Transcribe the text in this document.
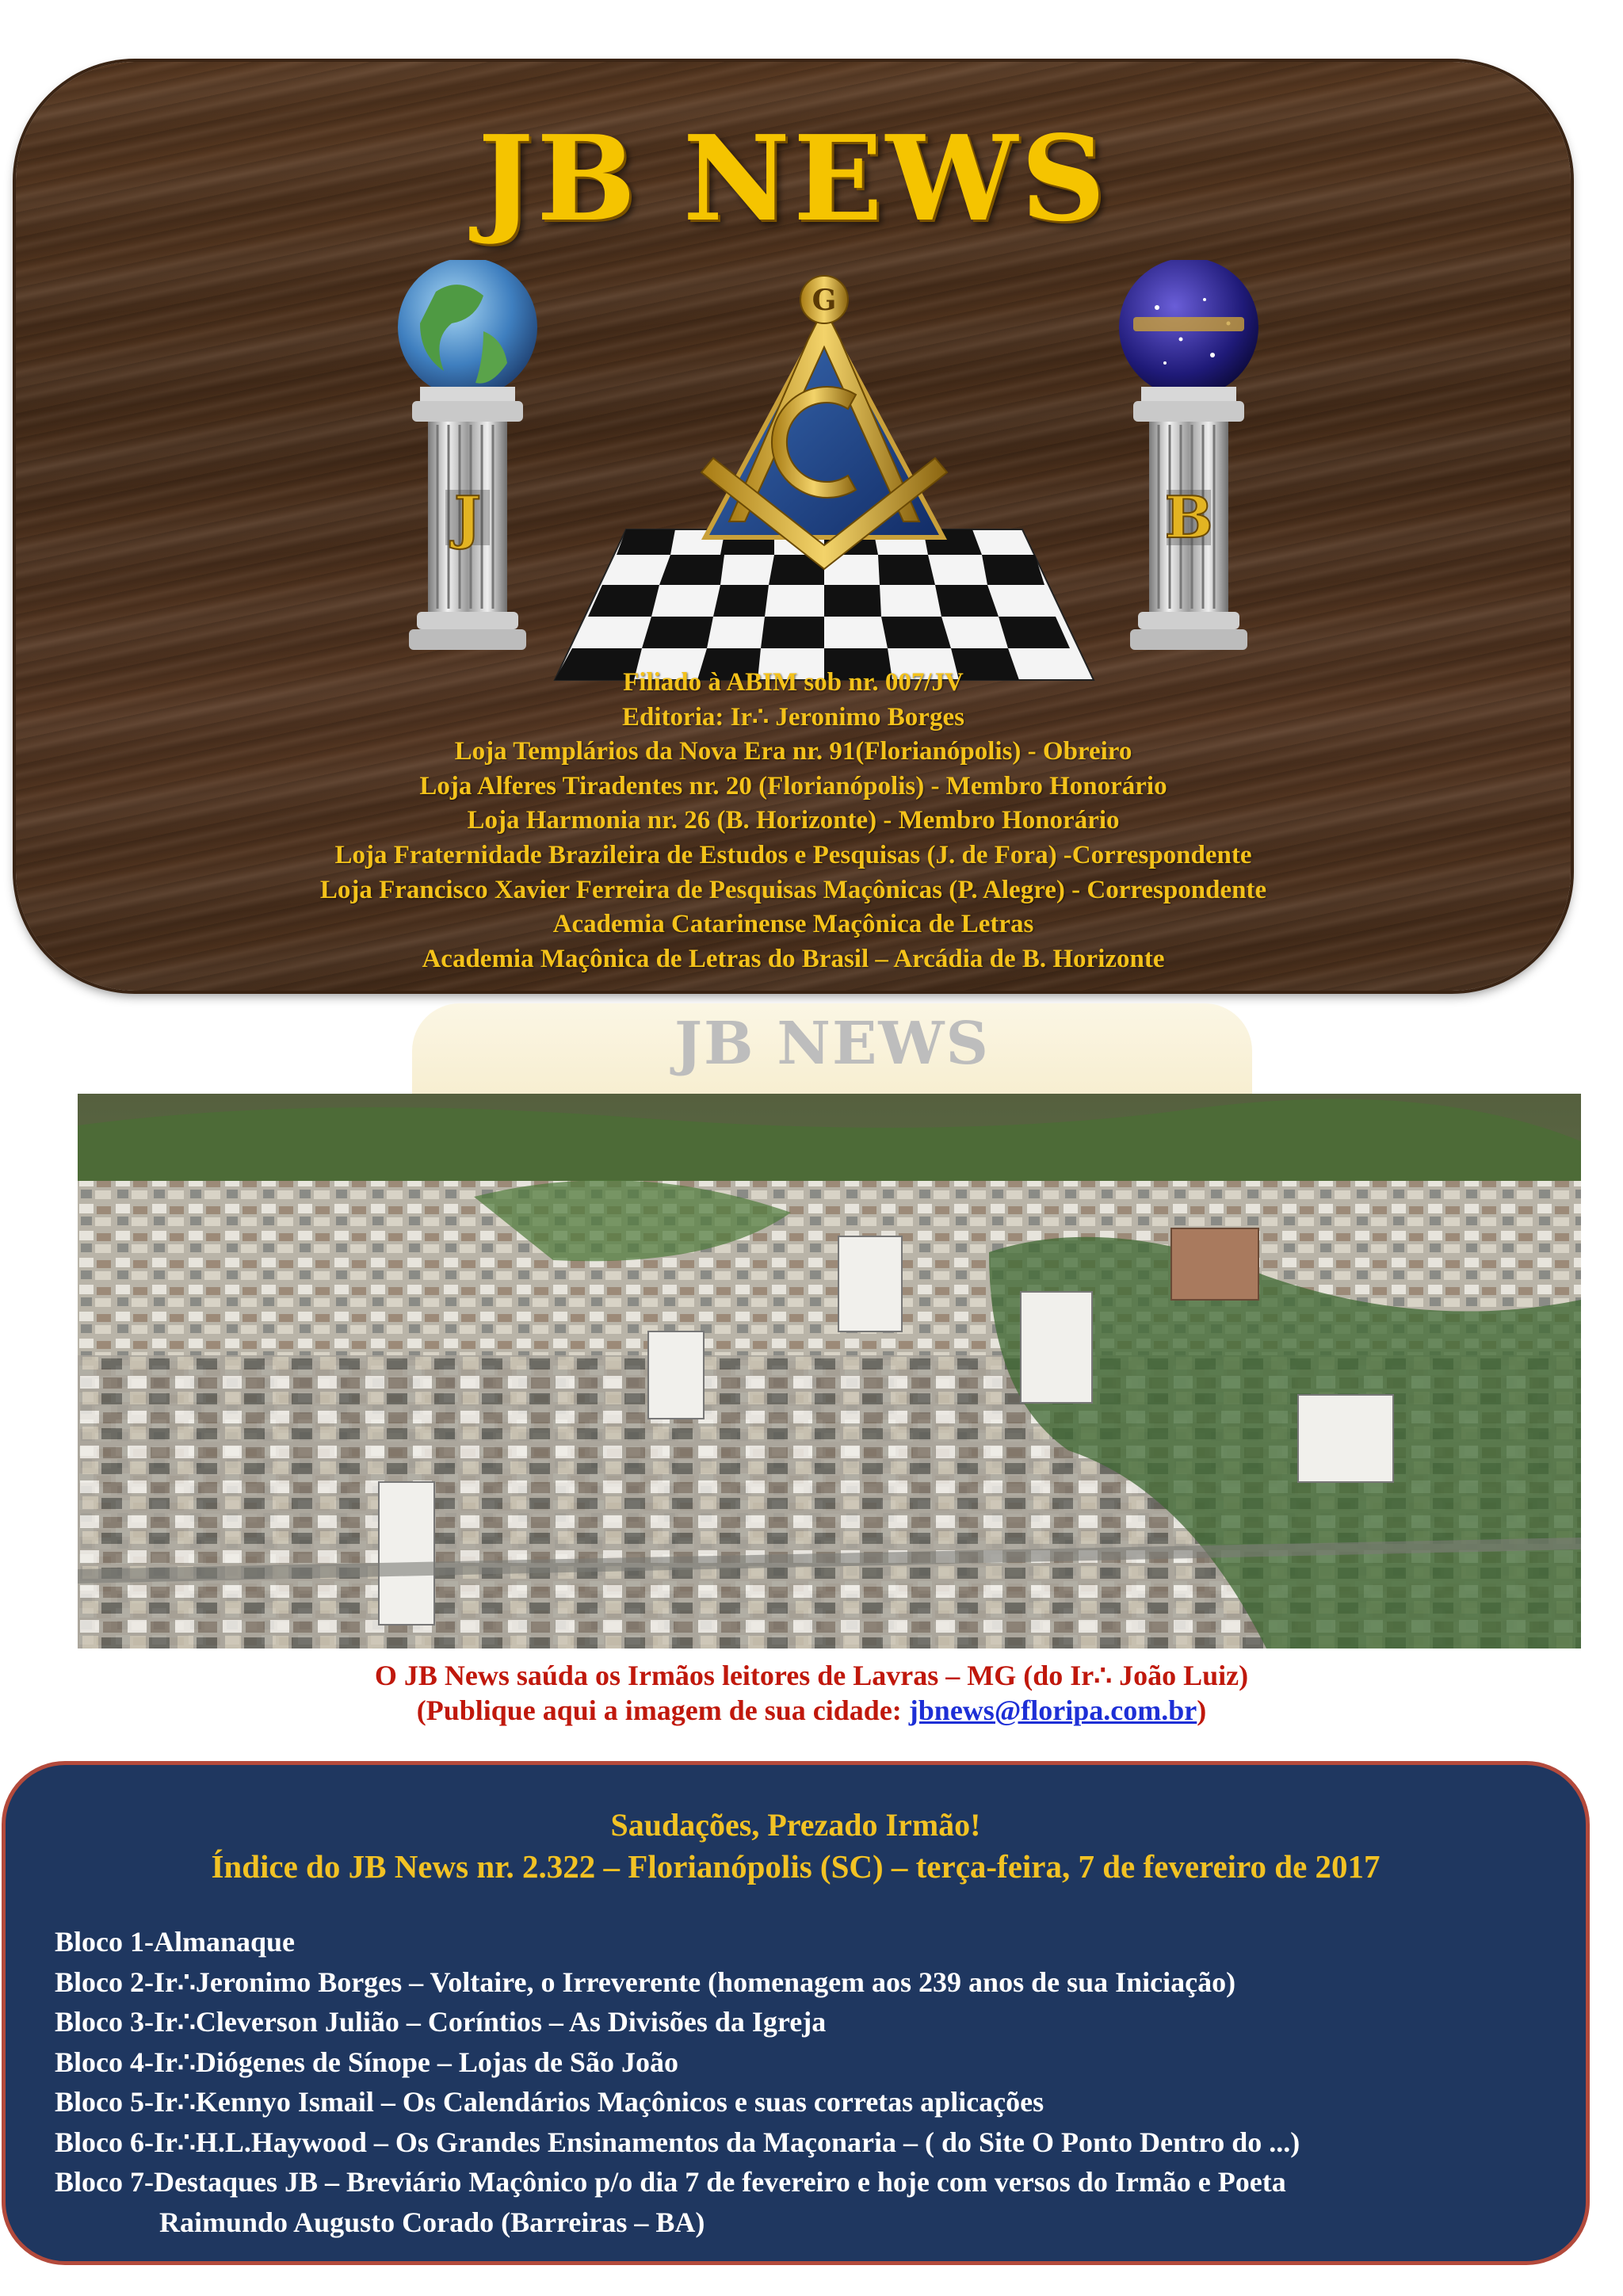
JB NEWS
J	B
G
Filiado à ABIM sob nr. 007/JV
Editoria: Ir∴ Jeronimo Borges
Loja Templários da Nova Era nr. 91(Florianópolis) - Obreiro
Loja Alferes Tiradentes nr. 20 (Florianópolis) - Membro Honorário
Loja Harmonia nr. 26 (B. Horizonte) - Membro Honorário
Loja Fraternidade Brazileira de Estudos e Pesquisas (J. de Fora) -Correspondente
Loja Francisco Xavier Ferreira de Pesquisas Maçônicas (P. Alegre) - Correspondente
Academia Catarinense Maçônica de Letras
Academia Maçônica de Letras do Brasil – Arcádia de B. Horizonte
JB NEWS
O JB News saúda os Irmãos leitores de Lavras – MG (do Ir∴ João Luiz)
(Publique aqui a imagem de sua cidade: jbnews@floripa.com.br)
Saudações, Prezado Irmão!
Índice do JB News nr. 2.322 – Florianópolis (SC) – terça-feira, 7 de fevereiro de 2017
Bloco 1-Almanaque
Bloco 2-Ir∴Jeronimo Borges – Voltaire, o Irreverente (homenagem aos 239 anos de sua Iniciação)
Bloco 3-Ir∴Cleverson Julião – Coríntios – As Divisões da Igreja
Bloco 4-Ir∴Diógenes de Sínope – Lojas de São João
Bloco 5-Ir∴Kennyo Ismail – Os Calendários Maçônicos e suas corretas aplicações
Bloco 6-Ir∴H.L.Haywood – Os Grandes Ensinamentos da Maçonaria – ( do Site O Ponto Dentro do ...)
Bloco 7-Destaques JB – Breviário Maçônico p/o dia 7 de fevereiro e hoje com versos do Irmão e Poeta
Raimundo Augusto Corado (Barreiras – BA)
